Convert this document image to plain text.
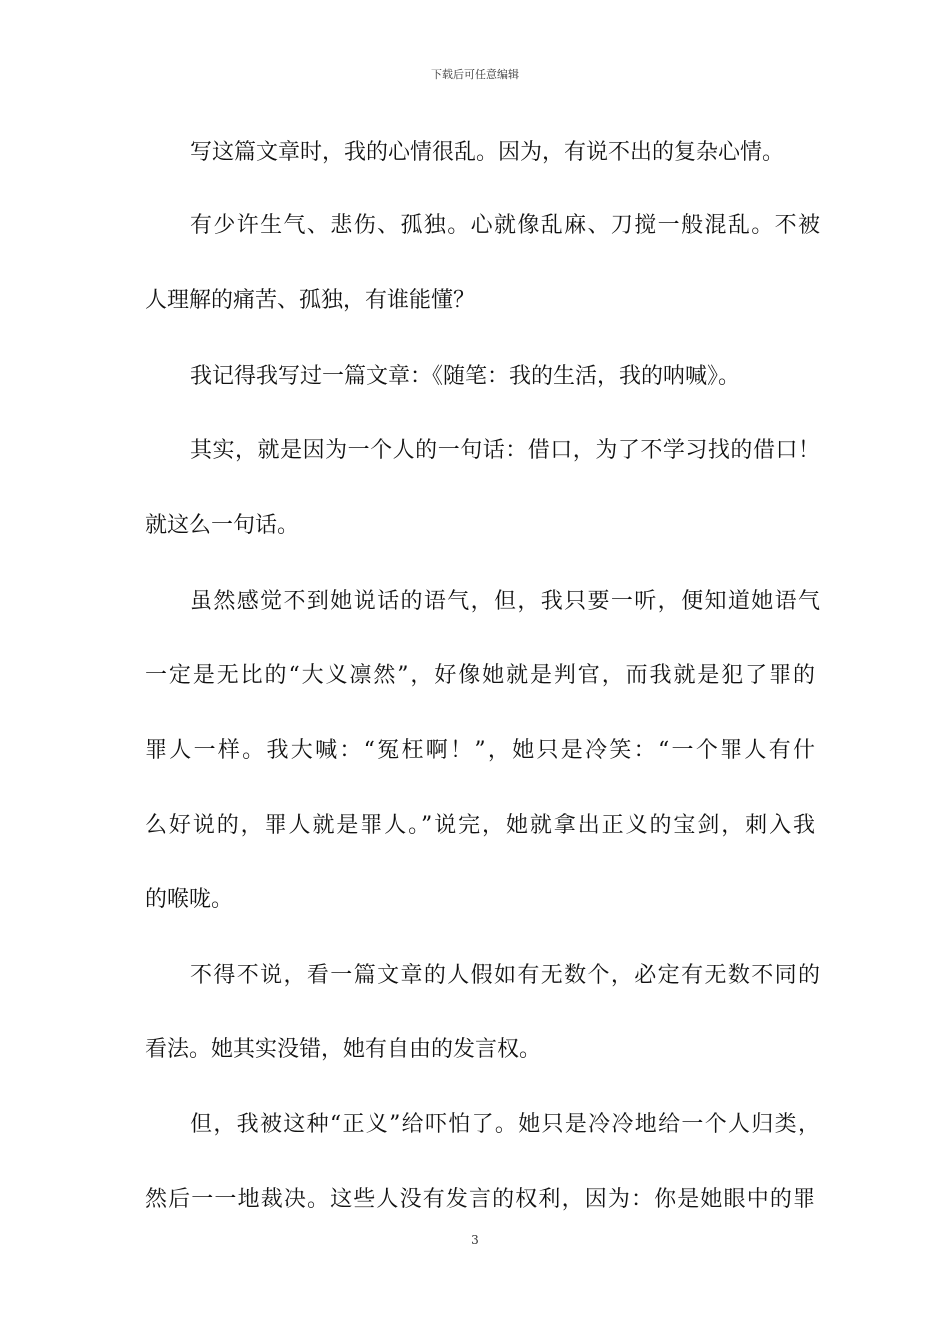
下载后可任意编辑
写这篇文章时，我的心情很乱。因为，有说不出的复杂心情。
有少许生气、悲伤、孤独。心就像乱麻、刀搅一般混乱。不被
人理解的痛苦、孤独，有谁能懂？
我记得我写过一篇文章：《随笔：我的生活，我的呐喊》。
其实，就是因为一个人的一句话：借口，为了不学习找的借口！
就这么一句话。
虽然感觉不到她说话的语气，但，我只要一听，便知道她语气
一定是无比的“大义凛然”，好像她就是判官，而我就是犯了罪的
罪人一样。我大喊：“冤枉啊！”，她只是冷笑：“一个罪人有什
么好说的，罪人就是罪人。”说完，她就拿出正义的宝剑，刺入我
的喉咙。
不得不说，看一篇文章的人假如有无数个，必定有无数不同的
看法。她其实没错，她有自由的发言权。
但，我被这种“正义”给吓怕了。她只是冷冷地给一个人归类，
然后一一地裁决。这些人没有发言的权利，因为：你是她眼中的罪
3
